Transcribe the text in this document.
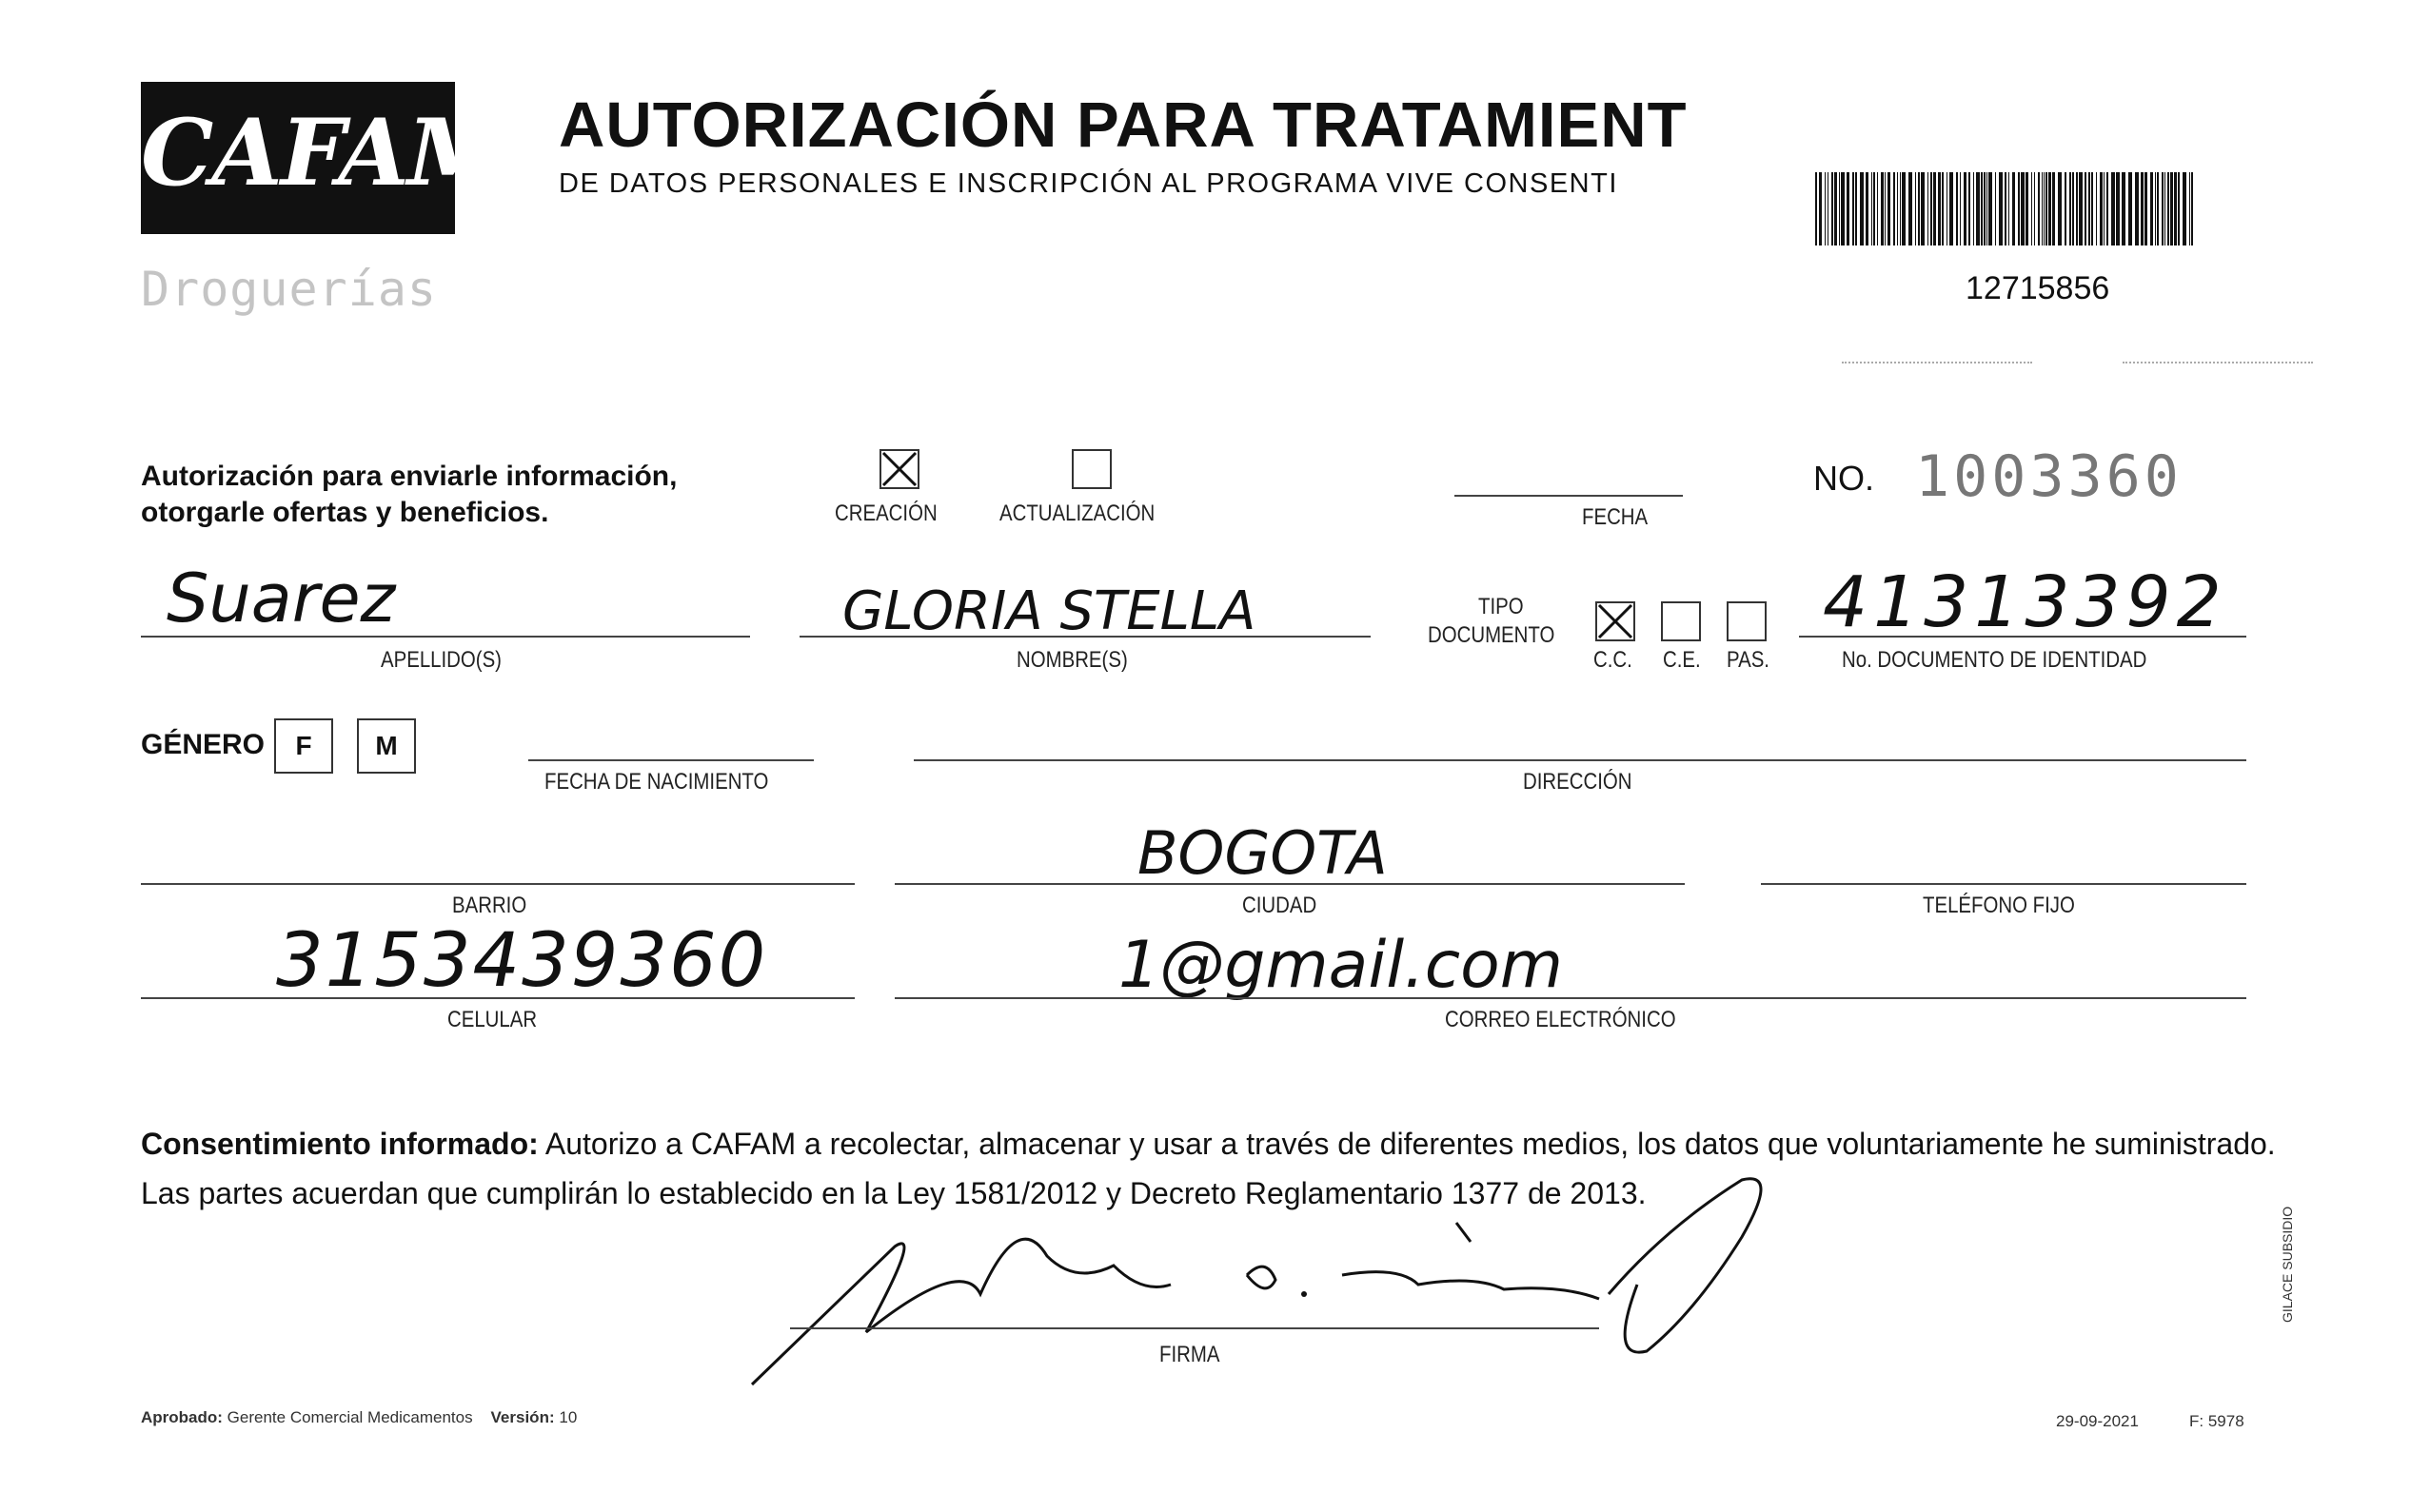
CAFAM
Droguerías
AUTORIZACIÓN PARA TRATAMIENT
DE DATOS PERSONALES E INSCRIPCIÓN AL PROGRAMA VIVE CONSENTI
12715856
Autorización para enviarle información,
otorgarle ofertas y beneficios.	CREACIÓN	ACTUALIZACIÓN	FECHA
NO. 1003360
Suarez
APELLIDO(S)
GLORIA STELLA
NOMBRE(S)
TIPO
DOCUMENTO
C.C. C.E. PAS.
41313392
No. DOCUMENTO DE IDENTIDAD
GÉNERO	F	M
FECHA DE NACIMIENTO	DIRECCIÓN
BARRIO
BOGOTA
CIUDAD	TELÉFONO FIJO
3153439360
CELULAR
1@gmail.com
CORREO ELECTRÓNICO
Consentimiento informado: Autorizo a CAFAM a recolectar, almacenar y usar a través de diferentes medios, los datos que voluntariamente he suministrado. Las partes acuerdan que cumplirán lo establecido en la Ley 1581/2012 y Decreto Reglamentario 1377 de 2013.
FIRMA
Aprobado: Gerente Comercial Medicamentos Versión: 10	29-09-2021	F: 5978
GILACE SUBSIDIO
